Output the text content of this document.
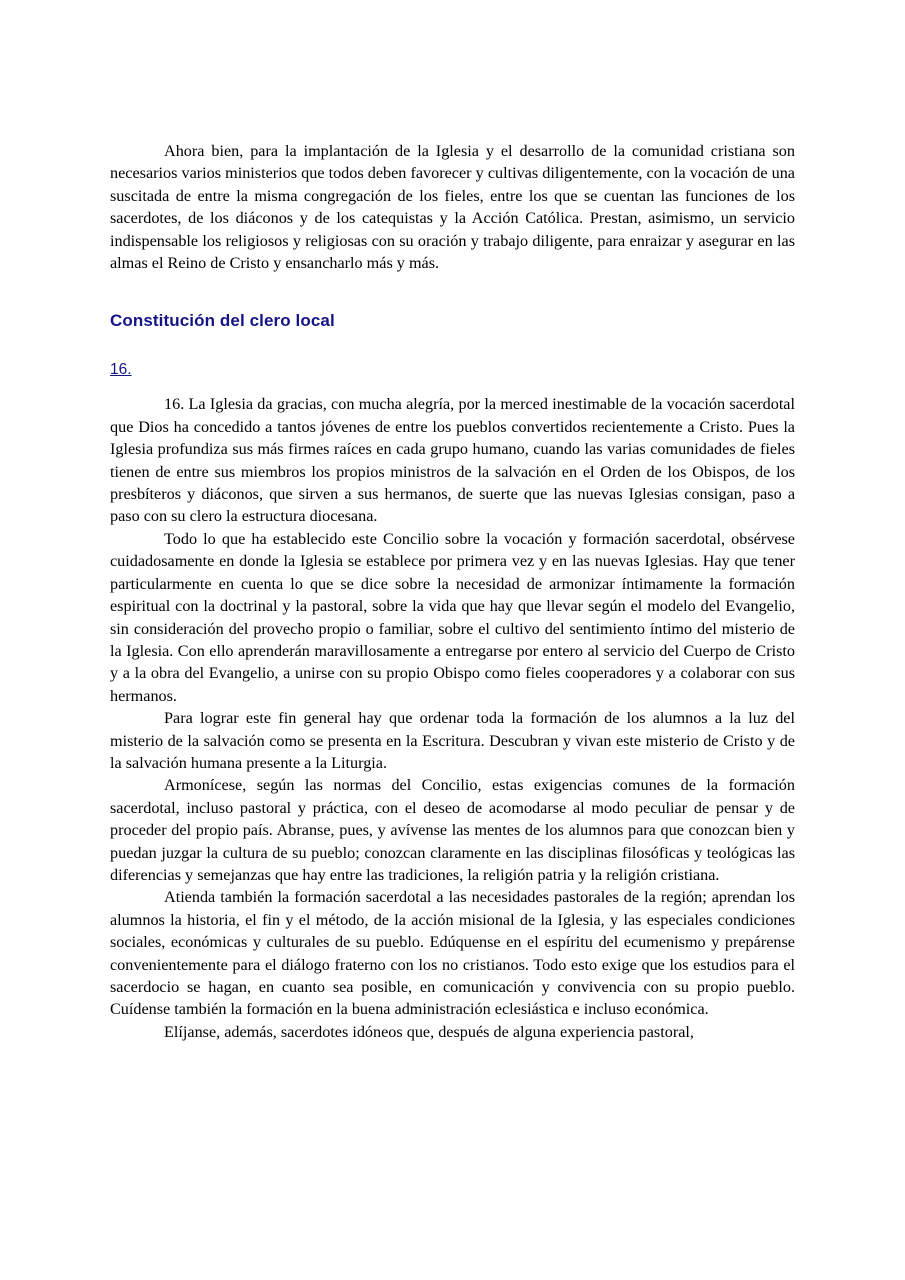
Ahora bien, para la implantación de la Iglesia y el desarrollo de la comunidad cristiana son necesarios varios ministerios que todos deben favorecer y cultivas diligentemente, con la vocación de una suscitada de entre la misma congregación de los fieles, entre los que se cuentan las funciones de los sacerdotes, de los diáconos y de los catequistas y la Acción Católica. Prestan, asimismo, un servicio indispensable los religiosos y religiosas con su oración y trabajo diligente, para enraizar y asegurar en las almas el Reino de Cristo y ensancharlo más y más.

Constitución del clero local
16.

16. La Iglesia da gracias, con mucha alegría, por la merced inestimable de la vocación sacerdotal que Dios ha concedido a tantos jóvenes de entre los pueblos convertidos recientemente a Cristo. Pues la Iglesia profundiza sus más firmes raíces en cada grupo humano, cuando las varias comunidades de fieles tienen de entre sus miembros los propios ministros de la salvación en el Orden de los Obispos, de los presbíteros y diáconos, que sirven a sus hermanos, de suerte que las nuevas Iglesias consigan, paso a paso con su clero la estructura diocesana.

Todo lo que ha establecido este Concilio sobre la vocación y formación sacerdotal, obsérvese cuidadosamente en donde la Iglesia se establece por primera vez y en las nuevas Iglesias. Hay que tener particularmente en cuenta lo que se dice sobre la necesidad de armonizar íntimamente la formación espiritual con la doctrinal y la pastoral, sobre la vida que hay que llevar según el modelo del Evangelio, sin consideración del provecho propio o familiar, sobre el cultivo del sentimiento íntimo del misterio de la Iglesia. Con ello aprenderán maravillosamente a entregarse por entero al servicio del Cuerpo de Cristo y a la obra del Evangelio, a unirse con su propio Obispo como fieles cooperadores y a colaborar con sus hermanos.

Para lograr este fin general hay que ordenar toda la formación de los alumnos a la luz del misterio de la salvación como se presenta en la Escritura. Descubran y vivan este misterio de Cristo y de la salvación humana presente a la Liturgia.

Armonícese, según las normas del Concilio, estas exigencias comunes de la formación sacerdotal, incluso pastoral y práctica, con el deseo de acomodarse al modo peculiar de pensar y de proceder del propio país. Abranse, pues, y avívense las mentes de los alumnos para que conozcan bien y puedan juzgar la cultura de su pueblo; conozcan claramente en las disciplinas filosóficas y teológicas las diferencias y semejanzas que hay entre las tradiciones, la religión patria y la religión cristiana.

Atienda también la formación sacerdotal a las necesidades pastorales de la región; aprendan los alumnos la historia, el fin y el método, de la acción misional de la Iglesia, y las especiales condiciones sociales, económicas y culturales de su pueblo. Edúquense en el espíritu del ecumenismo y prepárense convenientemente para el diálogo fraterno con los no cristianos. Todo esto exige que los estudios para el sacerdocio se hagan, en cuanto sea posible, en comunicación y convivencia con su propio pueblo. Cuídense también la formación en la buena administración eclesiástica e incluso económica.

Elíjanse, además, sacerdotes idóneos que, después de alguna experiencia pastoral,
